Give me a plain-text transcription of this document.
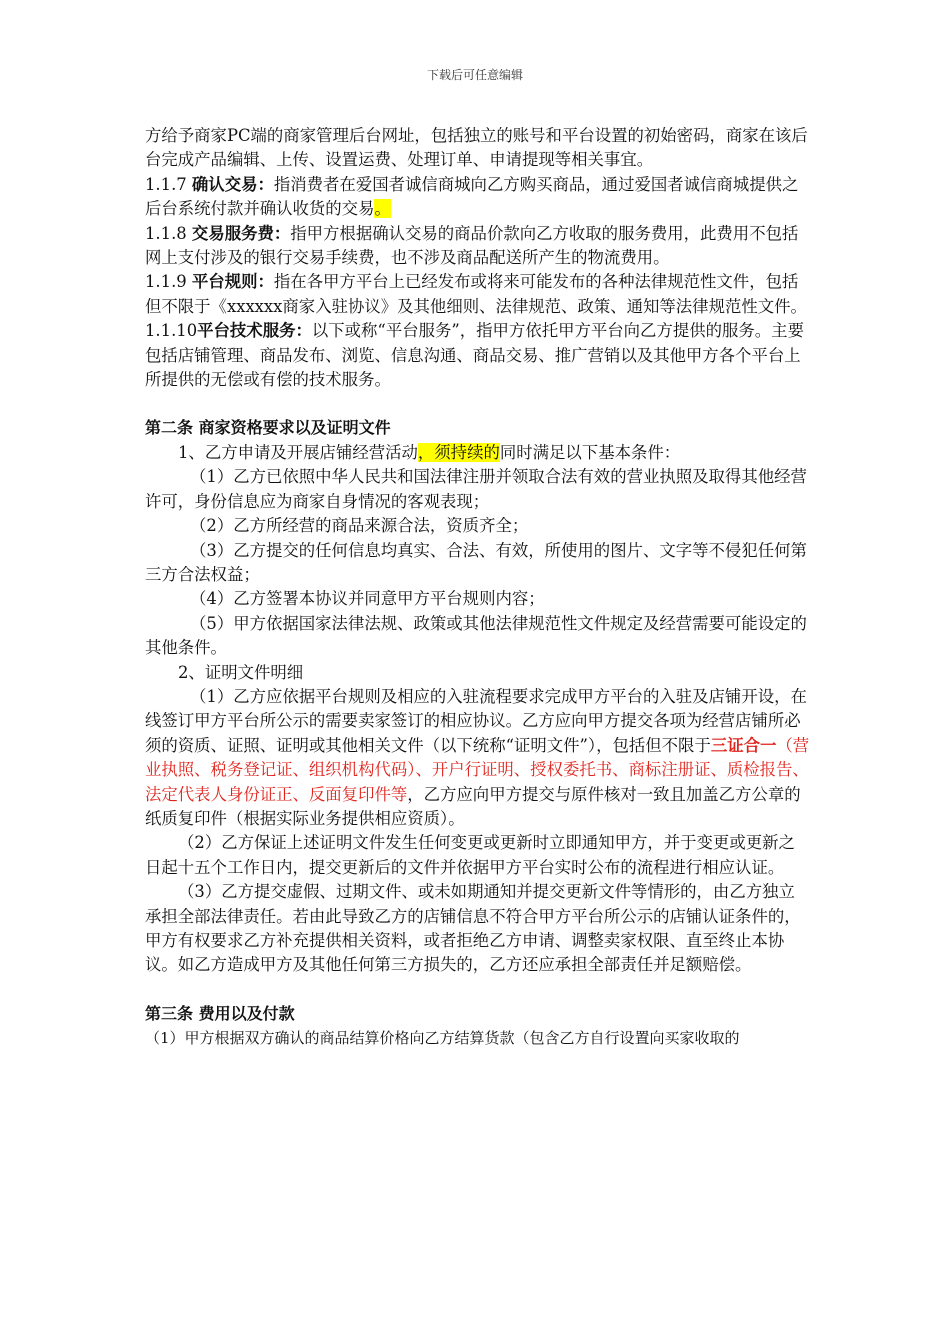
下载后可任意编辑

方给予商家PC端的商家管理后台网址，包括独立的账号和平台设置的初始密码，商家在该后台完成产品编辑、上传、设置运费、处理订单、申请提现等相关事宜。

1.1.7 确认交易：指消费者在爱国者诚信商城向乙方购买商品，通过爱国者诚信商城提供之后台系统付款并确认收货的交易。

1.1.8 交易服务费：指甲方根据确认交易的商品价款向乙方收取的服务费用，此费用不包括网上支付涉及的银行交易手续费，也不涉及商品配送所产生的物流费用。

1.1.9 平台规则：指在各甲方平台上已经发布或将来可能发布的各种法律规范性文件，包括但不限于《xxxxxx商家入驻协议》及其他细则、法律规范、政策、通知等法律规范性文件。

1.1.10平台技术服务：以下或称“平台服务”，指甲方依托甲方平台向乙方提供的服务。主要包括店铺管理、商品发布、浏览、信息沟通、商品交易、推广营销以及其他甲方各个平台上所提供的无偿或有偿的技术服务。

第二条 商家资格要求以及证明文件

1、乙方申请及开展店铺经营活动，须持续的同时满足以下基本条件：

（1）乙方已依照中华人民共和国法律注册并领取合法有效的营业执照及取得其他经营许可，身份信息应为商家自身情况的客观表现；

（2）乙方所经营的商品来源合法，资质齐全；

（3）乙方提交的任何信息均真实、合法、有效，所使用的图片、文字等不侵犯任何第三方合法权益；

（4）乙方签署本协议并同意甲方平台规则内容；

（5）甲方依据国家法律法规、政策或其他法律规范性文件规定及经营需要可能设定的其他条件。

2、证明文件明细

（1）乙方应依据平台规则及相应的入驻流程要求完成甲方平台的入驻及店铺开设，在线签订甲方平台所公示的需要卖家签订的相应协议。乙方应向甲方提交各项为经营店铺所必须的资质、证照、证明或其他相关文件（以下统称“证明文件”），包括但不限于三证合一（营业执照、税务登记证、组织机构代码）、开户行证明、授权委托书、商标注册证、质检报告、法定代表人身份证正、反面复印件等，乙方应向甲方提交与原件核对一致且加盖乙方公章的纸质复印件（根据实际业务提供相应资质）。

（2）乙方保证上述证明文件发生任何变更或更新时立即通知甲方，并于变更或更新之日起十五个工作日内，提交更新后的文件并依据甲方平台实时公布的流程进行相应认证。

（3）乙方提交虚假、过期文件、或未如期通知并提交更新文件等情形的，由乙方独立承担全部法律责任。若由此导致乙方的店铺信息不符合甲方平台所公示的店铺认证条件的，甲方有权要求乙方补充提供相关资料，或者拒绝乙方申请、调整卖家权限、直至终止本协议。如乙方造成甲方及其他任何第三方损失的，乙方还应承担全部责任并足额赔偿。

第三条 费用以及付款

（1）甲方根据双方确认的商品结算价格向乙方结算货款（包含乙方自行设置向买家收取的
